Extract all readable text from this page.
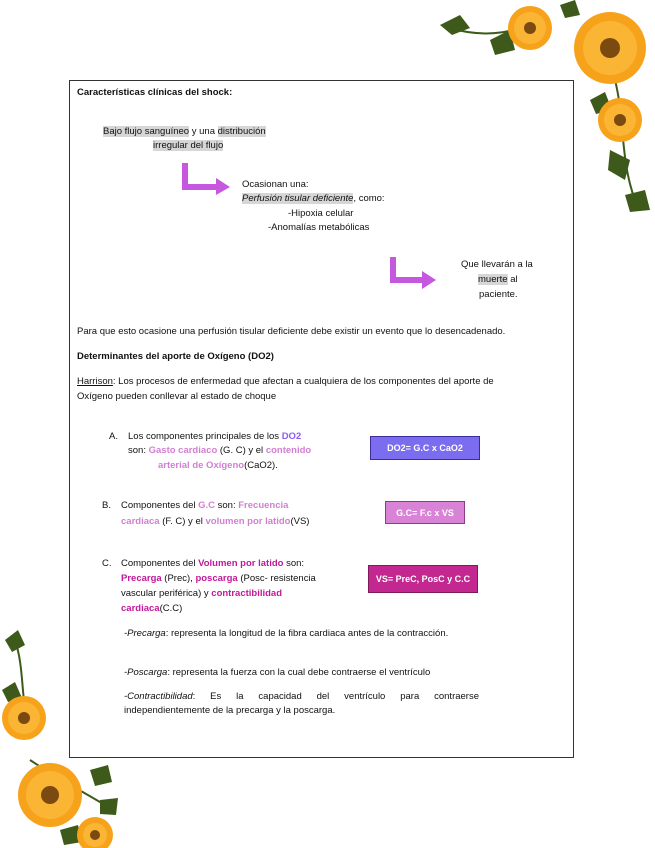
Características clínicas del shock:
Bajo flujo sanguíneo y una distribución
irregular del flujo
Ocasionan una:
Perfusión tisular deficiente, como:
-Hipoxia celular
-Anomalías metabólicas
Que llevarán a la
muerte al
paciente.
Para que esto ocasione una perfusión tisular deficiente debe existir un evento que lo desencadenado.
Determinantes del aporte de Oxígeno (DO2)
Harrison: Los procesos de enfermedad que afectan a cualquiera de los componentes del aporte de
Oxígeno pueden conllevar al estado de choque
A. Los componentes principales de los DO2
son: Gasto cardiaco (G. C) y el contenido
arterial de Oxígeno(CaO2).
DO2= G.C x CaO2
B. Componentes del G.C son: Frecuencia
cardiaca (F. C) y el volumen por latido(VS)
G.C= F.c x VS
C. Componentes del Volumen por latido son:
Precarga (Prec), poscarga (Posc- resistencia
vascular periférica) y contractibilidad
cardiaca(C.C)
VS= PreC, PosC y C.C
-Precarga: representa la longitud de la fibra cardiaca antes de la contracción.
-Poscarga: representa la fuerza con la cual debe contraerse el ventrículo
-Contractibilidad: Es la capacidad del ventrículo para contraerse independientemente de la precarga y la poscarga.
